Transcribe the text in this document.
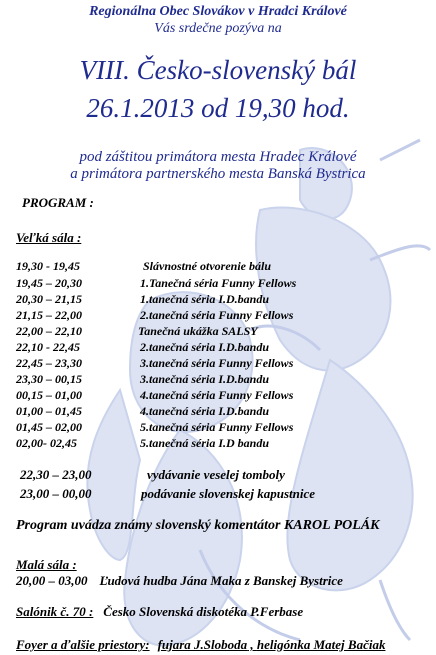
Regionálna Obec Slovákov v Hradci Králové
Vás srdečne pozýva na
VIII. Česko-slovenský bál
26.1.2013 od 19,30 hod.
pod záštitou primátora mesta Hradec Králové
a primátora partnerského mesta Banská Bystrica
PROGRAM :
Veľká sála :
19,30 - 19,45	Slávnostné otvorenie bálu
19,45 – 20,30	1.Tanečná séria Funny Fellows
20,30 – 21,15	1.tanečná séria I.D.bandu
21,15 – 22,00	2.tanečná séria Funny Fellows
22,00 – 22,10	Tanečná ukážka SALSY
22,10 - 22,45	2.tanečná séria I.D.bandu
22,45 – 23,30	3.tanečná séria Funny Fellows
23,30 – 00,15	3.tanečná séria I.D.bandu
00,15 – 01,00	4.tanečná séria Funny Fellows
01,00 – 01,45	4.tanečná séria I.D.bandu
01,45 – 02,00	5.tanečná séria Funny Fellows
02,00- 02,45	5.tanečná séria I.D bandu
22,30 – 23,00	vydávanie veselej tomboly
23,00 – 00,00	podávanie slovenskej kapustnice
Program uvádza známy slovenský komentátor KAROL POLÁK
Malá sála :
20,00 – 03,00 Ľudová hudba Jána Maka z Banskej Bystrice
Salónik č. 70 : Česko Slovenská diskotéka P.Ferbase
Foyer a ďalšie priestory: fujara J.Sloboda , heligónka Matej Bačiak
